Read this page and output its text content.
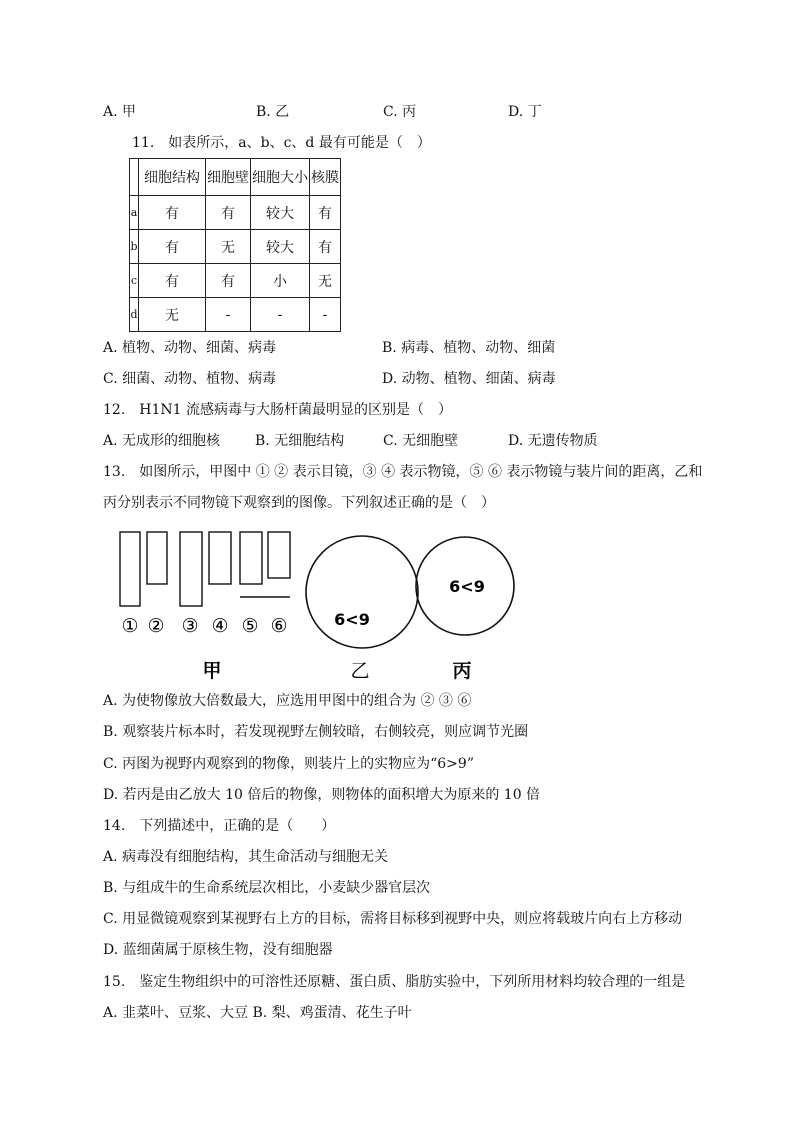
A. 甲	B. 乙	C. 丙	D. 丁
11.　如表所示，a、b、c、d 最有可能是（　）
	细胞结构	细胞壁	细胞大小	核膜
a	有	有	较大	有
b	有	无	较大	有
c	有	有	小	无
d	无	-	-	-
A. 植物、动物、细菌、病毒	B. 病毒、植物、动物、细菌
C. 细菌、动物、植物、病毒	D. 动物、植物、细菌、病毒
12.　H1N1 流感病毒与大肠杆菌最明显的区别是（　）
A. 无成形的细胞核 B. 无细胞结构	C. 无细胞壁	D. 无遗传物质
13.　如图所示，甲图中 ① ② 表示目镜，③ ④ 表示物镜，⑤ ⑥ 表示物镜与装片间的距离，乙和
丙分别表示不同物镜下观察到的图像。下列叙述正确的是（　）
① ② ③ ④ ⑤ ⑥	6<9
6<9
甲	乙	丙
A. 为使物像放大倍数最大，应选用甲图中的组合为 ② ③ ⑥
B. 观察装片标本时，若发现视野左侧较暗，右侧较亮，则应调节光圈
C. 丙图为视野内观察到的物像，则装片上的实物应为“6>9”
D. 若丙是由乙放大 10 倍后的物像，则物体的面积增大为原来的 10 倍
14.　下列描述中，正确的是（　　）
A. 病毒没有细胞结构，其生命活动与细胞无关
B. 与组成牛的生命系统层次相比，小麦缺少器官层次
C. 用显微镜观察到某视野右上方的目标，需将目标移到视野中央，则应将载玻片向右上方移动
D. 蓝细菌属于原核生物，没有细胞器
15.　鉴定生物组织中的可溶性还原糖、蛋白质、脂肪实验中，下列所用材料均较合理的一组是
A. 韭菜叶、豆浆、大豆 B. 梨、鸡蛋清、花生子叶
